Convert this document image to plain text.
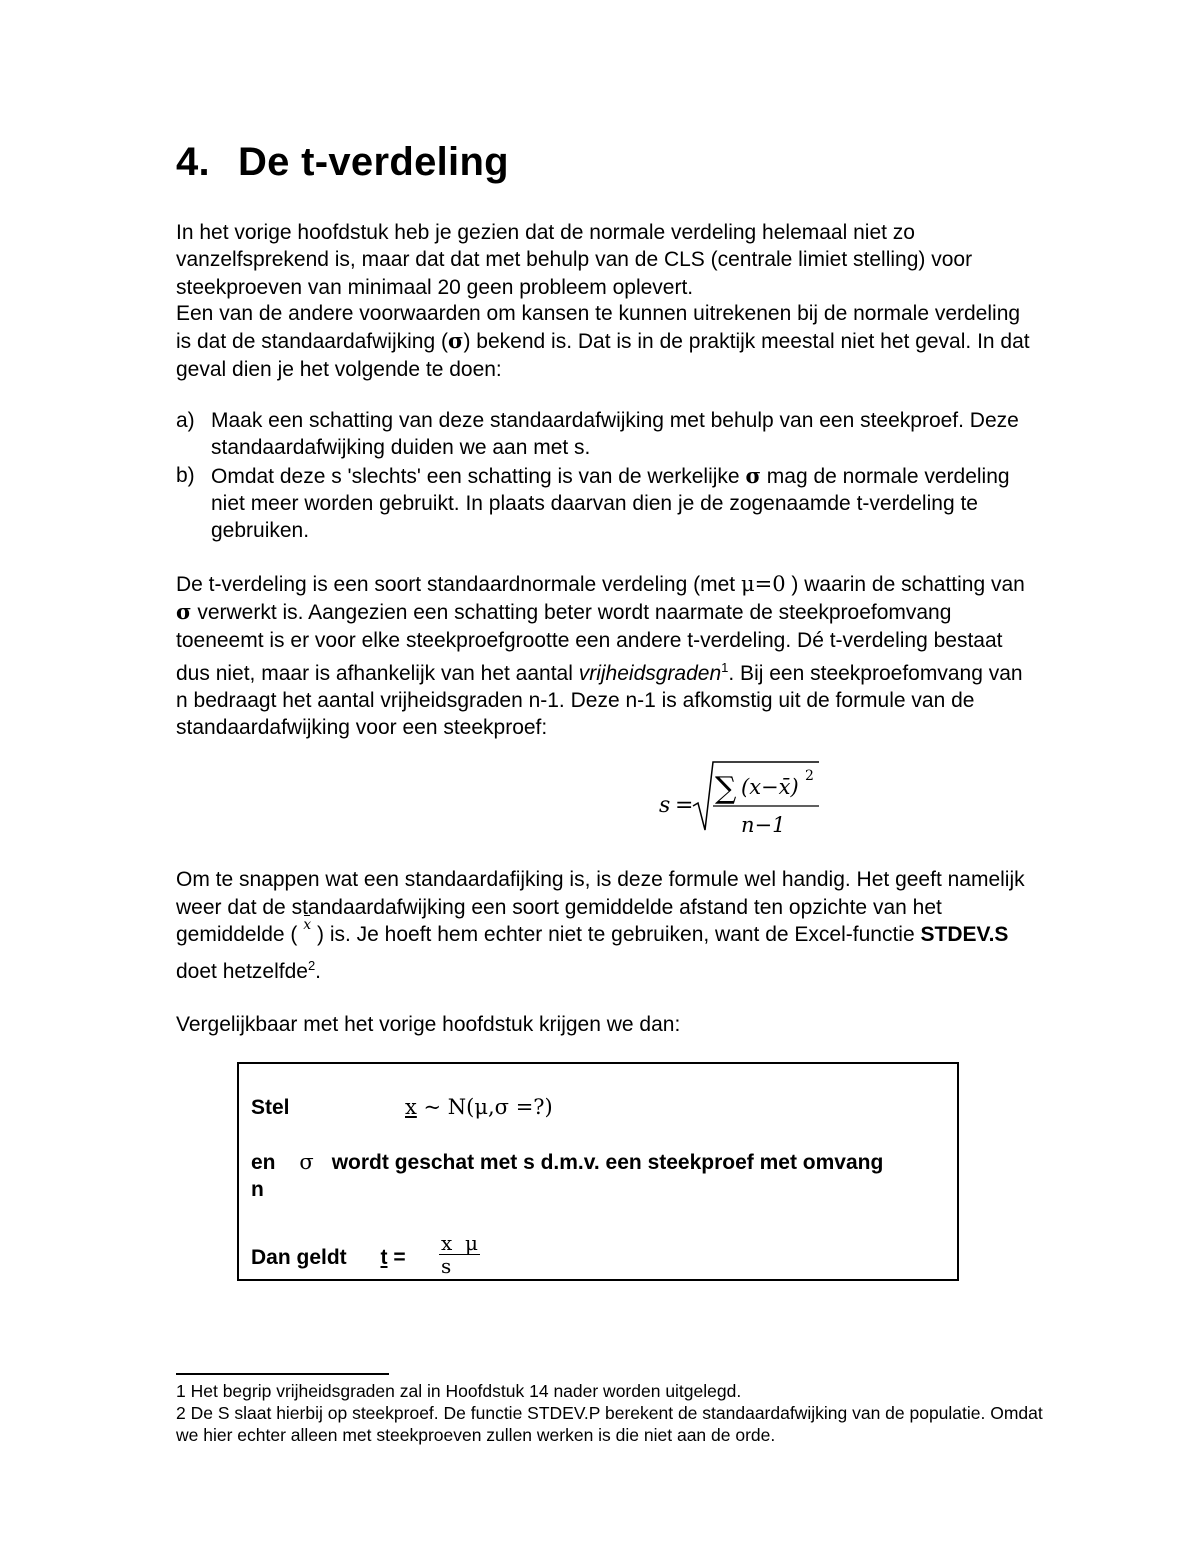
4. De t-verdeling

In het vorige hoofdstuk heb je gezien dat de normale verdeling helemaal niet zo vanzelfsprekend is, maar dat dat met behulp van de CLS (centrale limiet stelling) voor steekproeven van minimaal 20 geen probleem oplevert.

Een van de andere voorwaarden om kansen te kunnen uitrekenen bij de normale verdeling is dat de standaardafwijking (σ) bekend is. Dat is in de praktijk meestal niet het geval. In dat geval dien je het volgende te doen:

a) Maak een schatting van deze standaardafwijking met behulp van een steekproef. Deze standaardafwijking duiden we aan met s.
b) Omdat deze s 'slechts' een schatting is van de werkelijke σ mag de normale verdeling niet meer worden gebruikt. In plaats daarvan dien je de zogenaamde t-verdeling te gebruiken.

De t-verdeling is een soort standaardnormale verdeling (met μ=0 ) waarin de schatting van σ verwerkt is. Aangezien een schatting beter wordt naarmate de steekproefomvang toeneemt is er voor elke steekproefgrootte een andere t-verdeling. Dé t-verdeling bestaat dus niet, maar is afhankelijk van het aantal vrijheidsgraden$^1$. Bij een steekproefomvang van n bedraagt het aantal vrijheidsgraden n-1. Deze n-1 is afkomstig uit de formule van de standaardafwijking voor een steekproef:

s = ∑ (x−x̄) 2
n−1

Om te snappen wat een standaardafijking is, is deze formule wel handig. Het geeft namelijk weer dat de standaardafwijking een soort gemiddelde afstand ten opzichte van het gemiddelde ( x ) is. Je hoeft hem echter niet te gebruiken, want de Excel-functie STDEV.S doet hetzelfde$^2$.

Vergelijkbaar met het vorige hoofdstuk krijgen we dan:

Stel	x ~ N(μ,σ =?)
en σ wordt geschat met s d.m.v. een steekproef met omvang n
Dan geldt $t = \frac{\text{x  μ}}{s}$
1 Het begrip vrijheidsgraden zal in Hoofdstuk 14 nader worden uitgelegd.
2 De S slaat hierbij op steekproef. De functie STDEV.P berekent de standaardafwijking van de populatie. Omdat we hier echter alleen met steekproeven zullen werken is die niet aan de orde.
